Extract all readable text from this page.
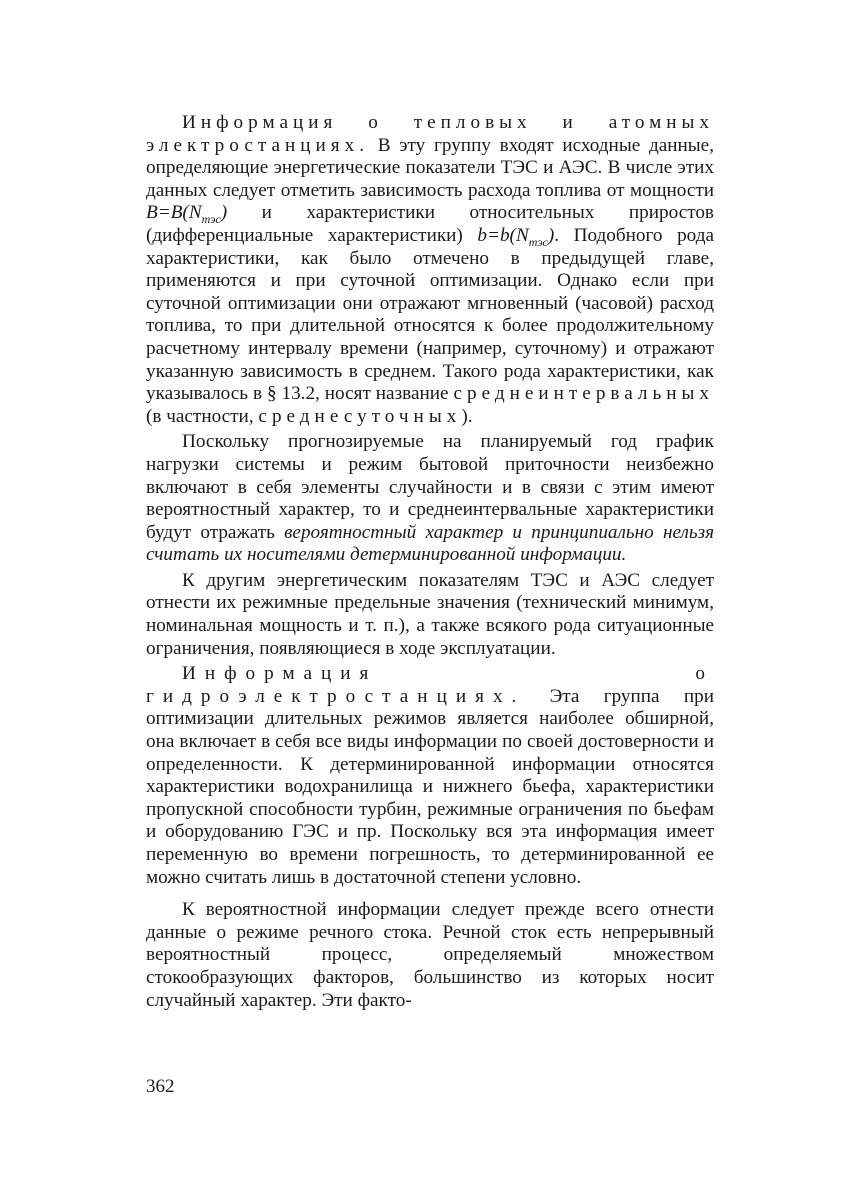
Информация о тепловых и атомных электростанциях. В эту группу входят исходные данные, определяющие энергетические показатели ТЭС и АЭС. В числе этих данных следует отметить зависимость расхода топлива от мощности $B=B(N_{тэс})$ и характеристики относительных приростов (дифференциальные характеристики) $b=b(N_{тэс})$. Подобного рода характеристики, как было отмечено в предыдущей главе, применяются и при суточной оптимизации. Однако если при суточной оптимизации они отражают мгновенный (часовой) расход топлива, то при длительной относятся к более продолжительному расчетному интервалу времени (например, суточному) и отражают указанную зависимость в среднем. Такого рода характеристики, как указывалось в § 13.2, носят название среднеинтервальных (в частности, среднесуточных).

Поскольку прогнозируемые на планируемый год график нагрузки системы и режим бытовой приточности неизбежно включают в себя элементы случайности и в связи с этим имеют вероятностный характер, то и среднеинтервальные характеристики будут отражать вероятностный характер и принципиально нельзя считать их носителями детерминированной информации.

К другим энергетическим показателям ТЭС и АЭС следует отнести их режимные предельные значения (технический минимум, номинальная мощность и т. п.), а также всякого рода ситуационные ограничения, появляющиеся в ходе эксплуатации.

Информация о гидроэлектростанциях. Эта группа при оптимизации длительных режимов является наиболее обширной, она включает в себя все виды информации по своей достоверности и определенности. К детерминированной информации относятся характеристики водохранилища и нижнего бьефа, характеристики пропускной способности турбин, режимные ограничения по бьефам и оборудованию ГЭС и пр. Поскольку вся эта информация имеет переменную во времени погрешность, то детерминированной ее можно считать лишь в достаточной степени условно.

К вероятностной информации следует прежде всего отнести данные о режиме речного стока. Речной сток есть непрерывный вероятностный процесс, определяемый множеством стокообразующих факторов, большинство из которых носит случайный характер. Эти факто-

362
